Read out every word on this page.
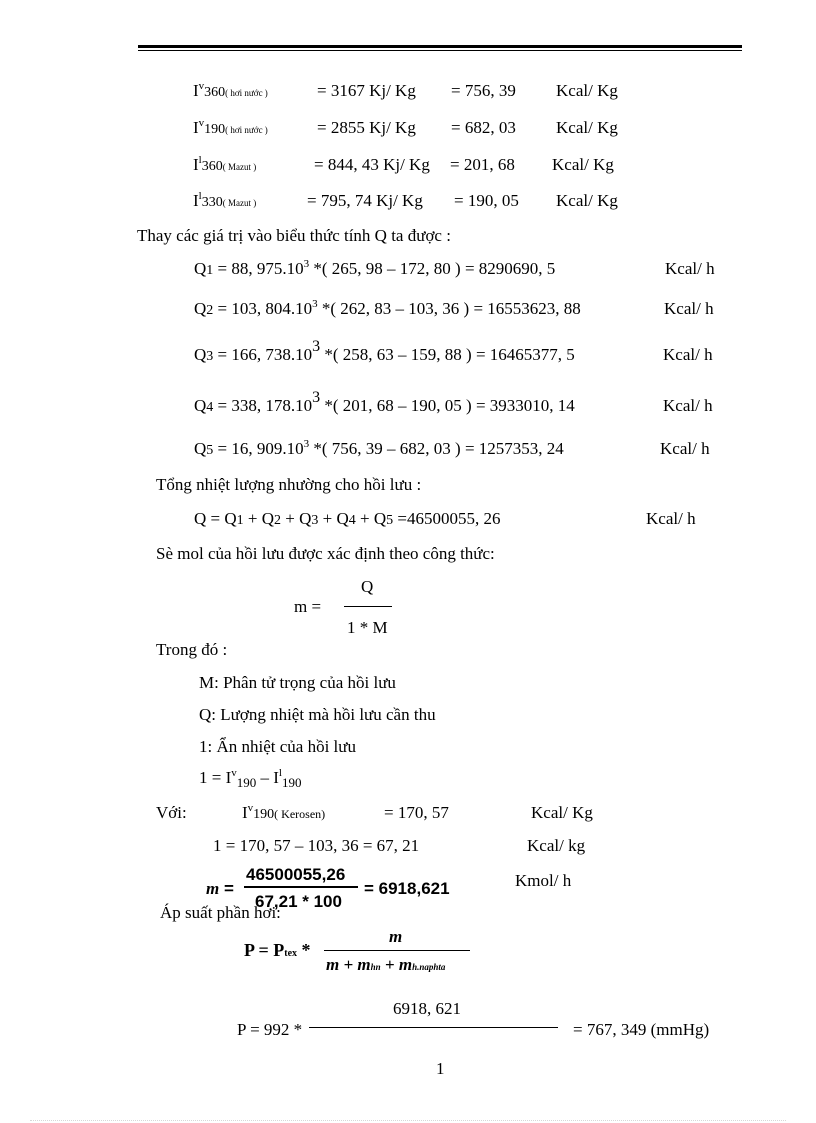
$I^v360$( hơi nước )	= 3167 Kj/ Kg = 756, 39 Kcal/ Kg
$I^v190$( hơi nước )	= 2855 Kj/ Kg = 682, 03 Kcal/ Kg
$I^l360$( Mazut )	= 844, 43 Kj/ Kg = 201, 68 Kcal/ Kg
$I^l330$( Mazut )	= 795, 74 Kj/ Kg = 190, 05 Kcal/ Kg
Thay các giá trị vào biểu thức tính Q ta được :
Q1 = 88, 975.10$^3$ *( 265, 98 – 172, 80 ) = 8290690, 5	Kcal/ h
Q2 = 103, 804.10$^3$ *( 262, 83 – 103, 36 ) = 16553623, 88	Kcal/ h
Q3 = 166, 738.103 *( 258, 63 – 159, 88 ) = 16465377, 5	Kcal/ h
Q4 = 338, 178.103 *( 201, 68 – 190, 05 ) = 3933010, 14	Kcal/ h
Q5 = 16, 909.10$^3$ *( 756, 39 – 682, 03 ) = 1257353, 24	Kcal/ h
Tổng nhiệt lượng nhường cho hồi lưu :
Q = Q1 + Q2 + Q3 + Q4 + Q5 =46500055, 26	Kcal/ h
Sè mol của hồi lưu được xác định theo công thức:
m =
Q
1 * M
Trong đó :
M: Phân tử trọng của hồi lưu
Q: Lượng nhiệt mà hồi lưu cần thu
1: Ẩn nhiệt của hồi lưu
$1 = I^v_{190} - I^l_{190}$
Với:	$I^v190$( Kerosen)	= 170, 57	Kcal/ Kg
1 = 170, 57 – 103, 36 = 67, 21	Kcal/ kg
m =
46500055,26
67,21 * 100
= 6918,621	Kmol/ h
Áp suất phần hơi:
P = Ptex *
m
m + mhn + mh.naphta
P = 992 *
6918, 621
= 767, 349 (mmHg)
1
